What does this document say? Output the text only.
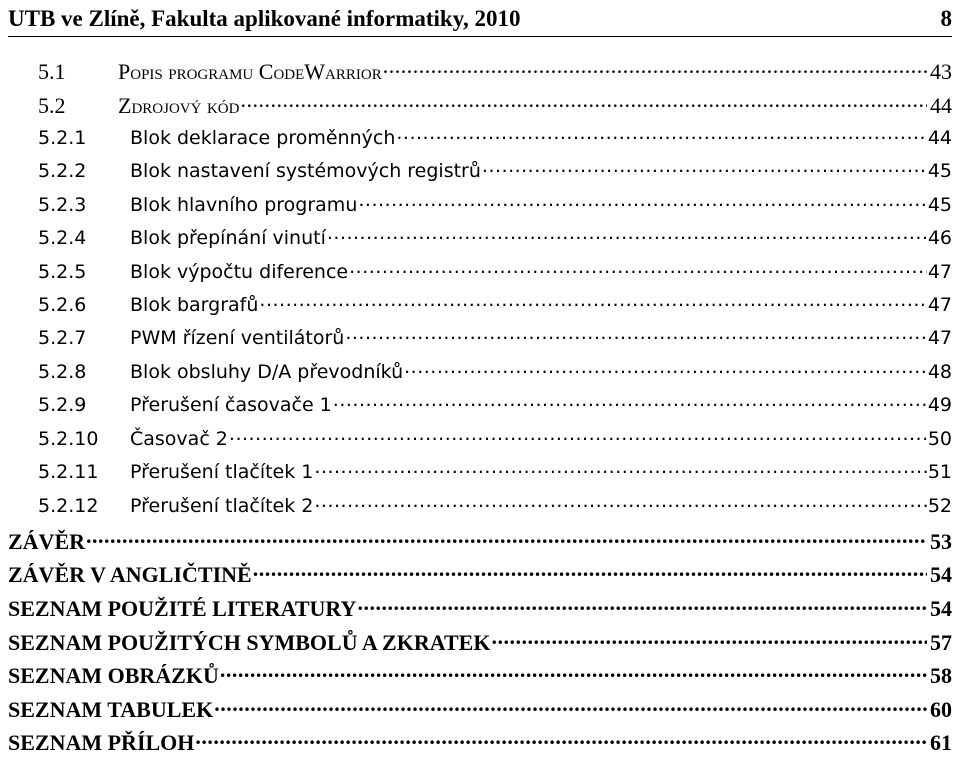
UTB ve Zlíně, Fakulta aplikované informatiky, 2010	8
5.1	Popis programu CodeWarrior .....	43
5.2	Zdrojový kód .....	44
5.2.1	Blok deklarace proměnných .....	44
5.2.2	Blok nastavení systémových registrů .....	45
5.2.3	Blok hlavního programu .....	45
5.2.4	Blok přepínání vinutí .....	46
5.2.5	Blok výpočtu diference .....	47
5.2.6	Blok bargrafů .....	47
5.2.7	PWM řízení ventilátorů .....	47
5.2.8	Blok obsluhy D/A převodníků .....	48
5.2.9	Přerušení časovače 1 .....	49
5.2.10	Časovač 2 .....	50
5.2.11	Přerušení tlačítek 1 .....	51
5.2.12	Přerušení tlačítek 2 .....	52
ZÁVĚR .....	53
ZÁVĚR V ANGLIČTINĚ .....	54
SEZNAM POUŽITÉ LITERATURY .....	54
SEZNAM POUŽITÝCH SYMBOLŮ A ZKRATEK .....	57
SEZNAM OBRÁZKŮ .....	58
SEZNAM TABULEK .....	60
SEZNAM PŘÍLOH .....	61
